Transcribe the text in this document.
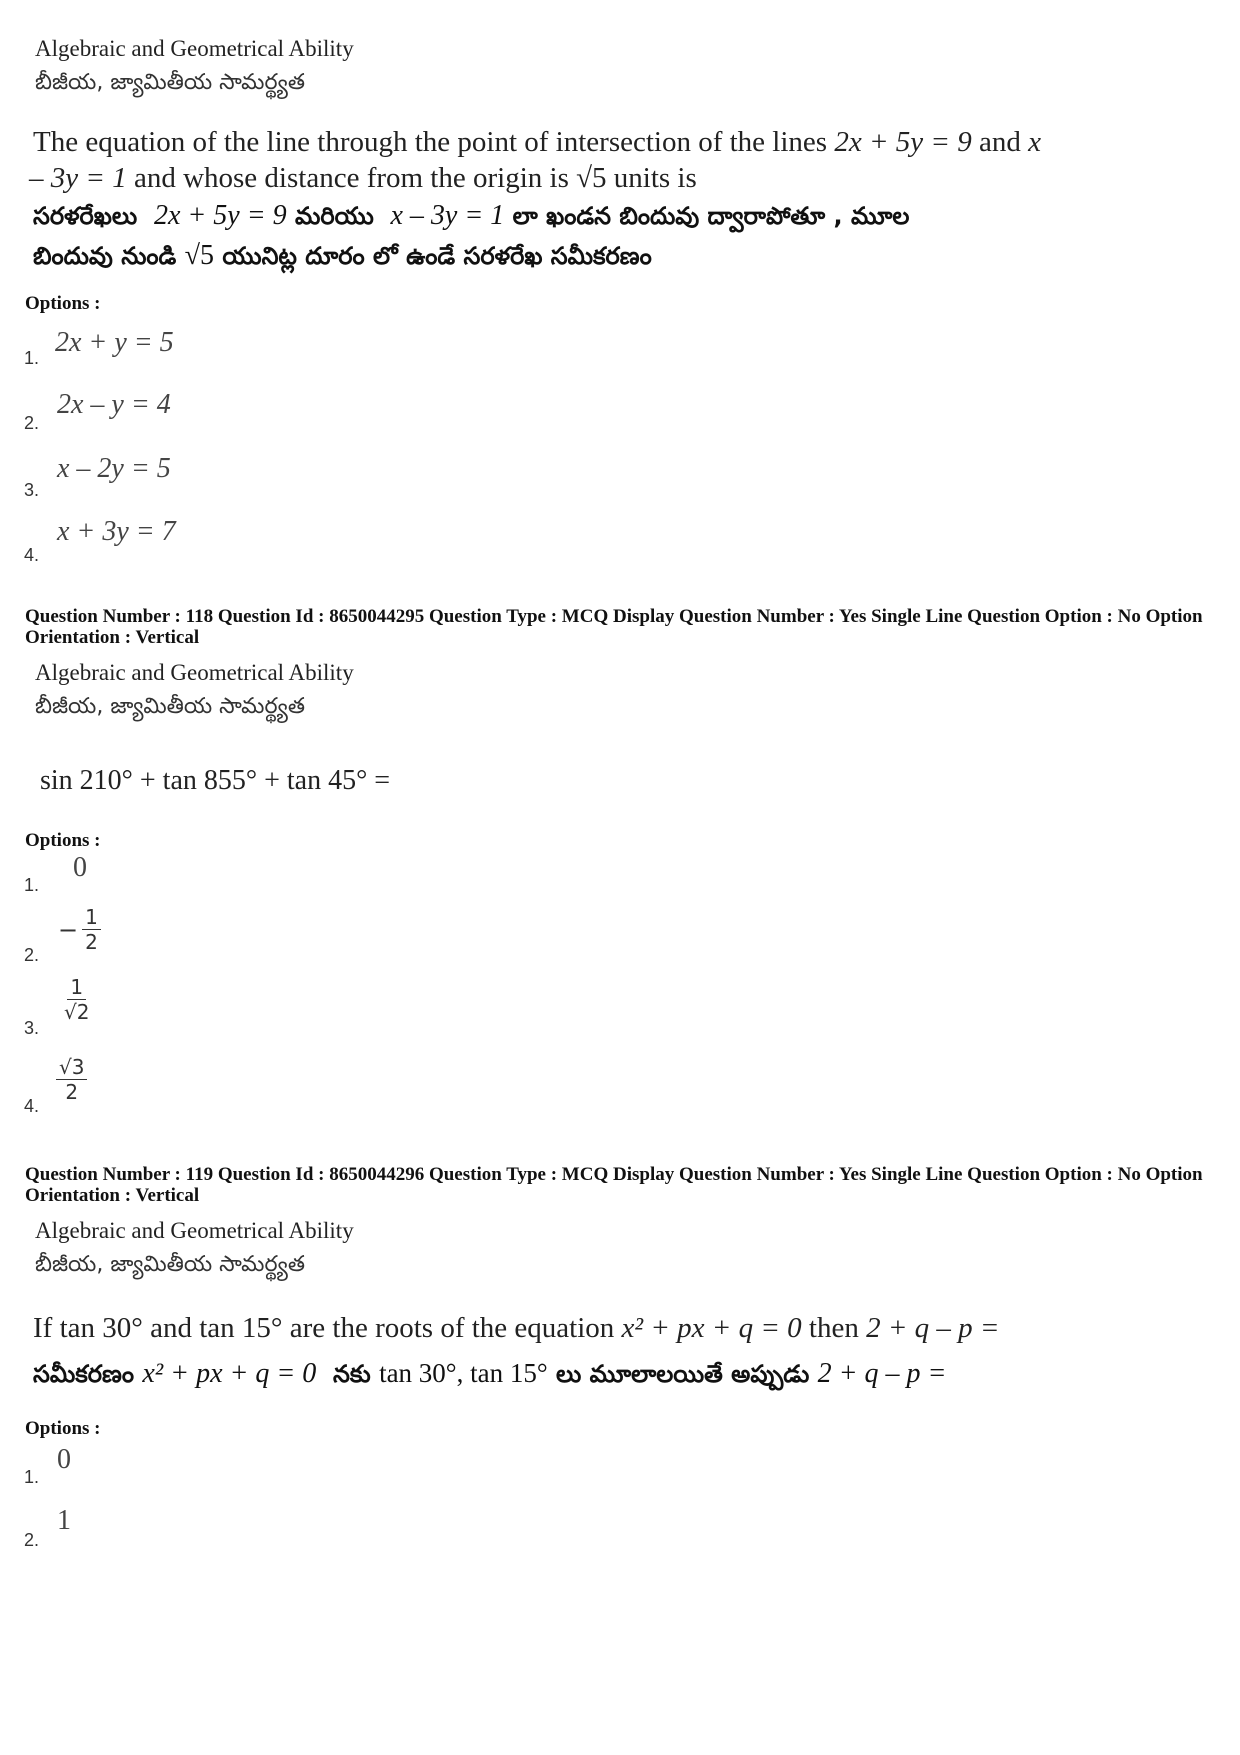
Algebraic and Geometrical Ability
బీజీయ, జ్యామితీయ సామర్థ్యత
The equation of the line through the point of intersection of the lines 2x + 5y = 9 and x
– 3y = 1 and whose distance from the origin is √5 units is
సరళరేఖలు 2x + 5y = 9 మరియు x – 3y = 1 లా ఖండన బిందువు ద్వారాపోతూ , మూల
బిందువు నుండి √5 యునిట్ల దూరం లో ఉండే సరళరేఖ సమీకరణం
Options :
1. 2x + y = 5
2.
2x – y = 4
3.
x – 2y = 5
4.
x + 3y = 7
Question Number : 118 Question Id : 8650044295 Question Type : MCQ Display Question Number : Yes Single Line Question Option : No Option Orientation : Vertical
Algebraic and Geometrical Ability
బీజీయ, జ్యామితీయ సామర్థ్యత
sin 210° + tan 855° + tan 45° =
Options :
1.
0
2.
−
$\frac{1}{2}$
3.
$\frac{1}{√2}$
4.
$\frac{√3}{2}$
Question Number : 119 Question Id : 8650044296 Question Type : MCQ Display Question Number : Yes Single Line Question Option : No Option Orientation : Vertical
Algebraic and Geometrical Ability
బీజీయ, జ్యామితీయ సామర్థ్యత
If tan 30° and tan 15° are the roots of the equation x² + px + q = 0 then 2 + q – p =
సమీకరణం x² + px + q = 0 నకు tan 30°, tan 15° లు మూలాలయితే అప్పుడు 2 + q – p =
Options :
1.
0
2.
1
